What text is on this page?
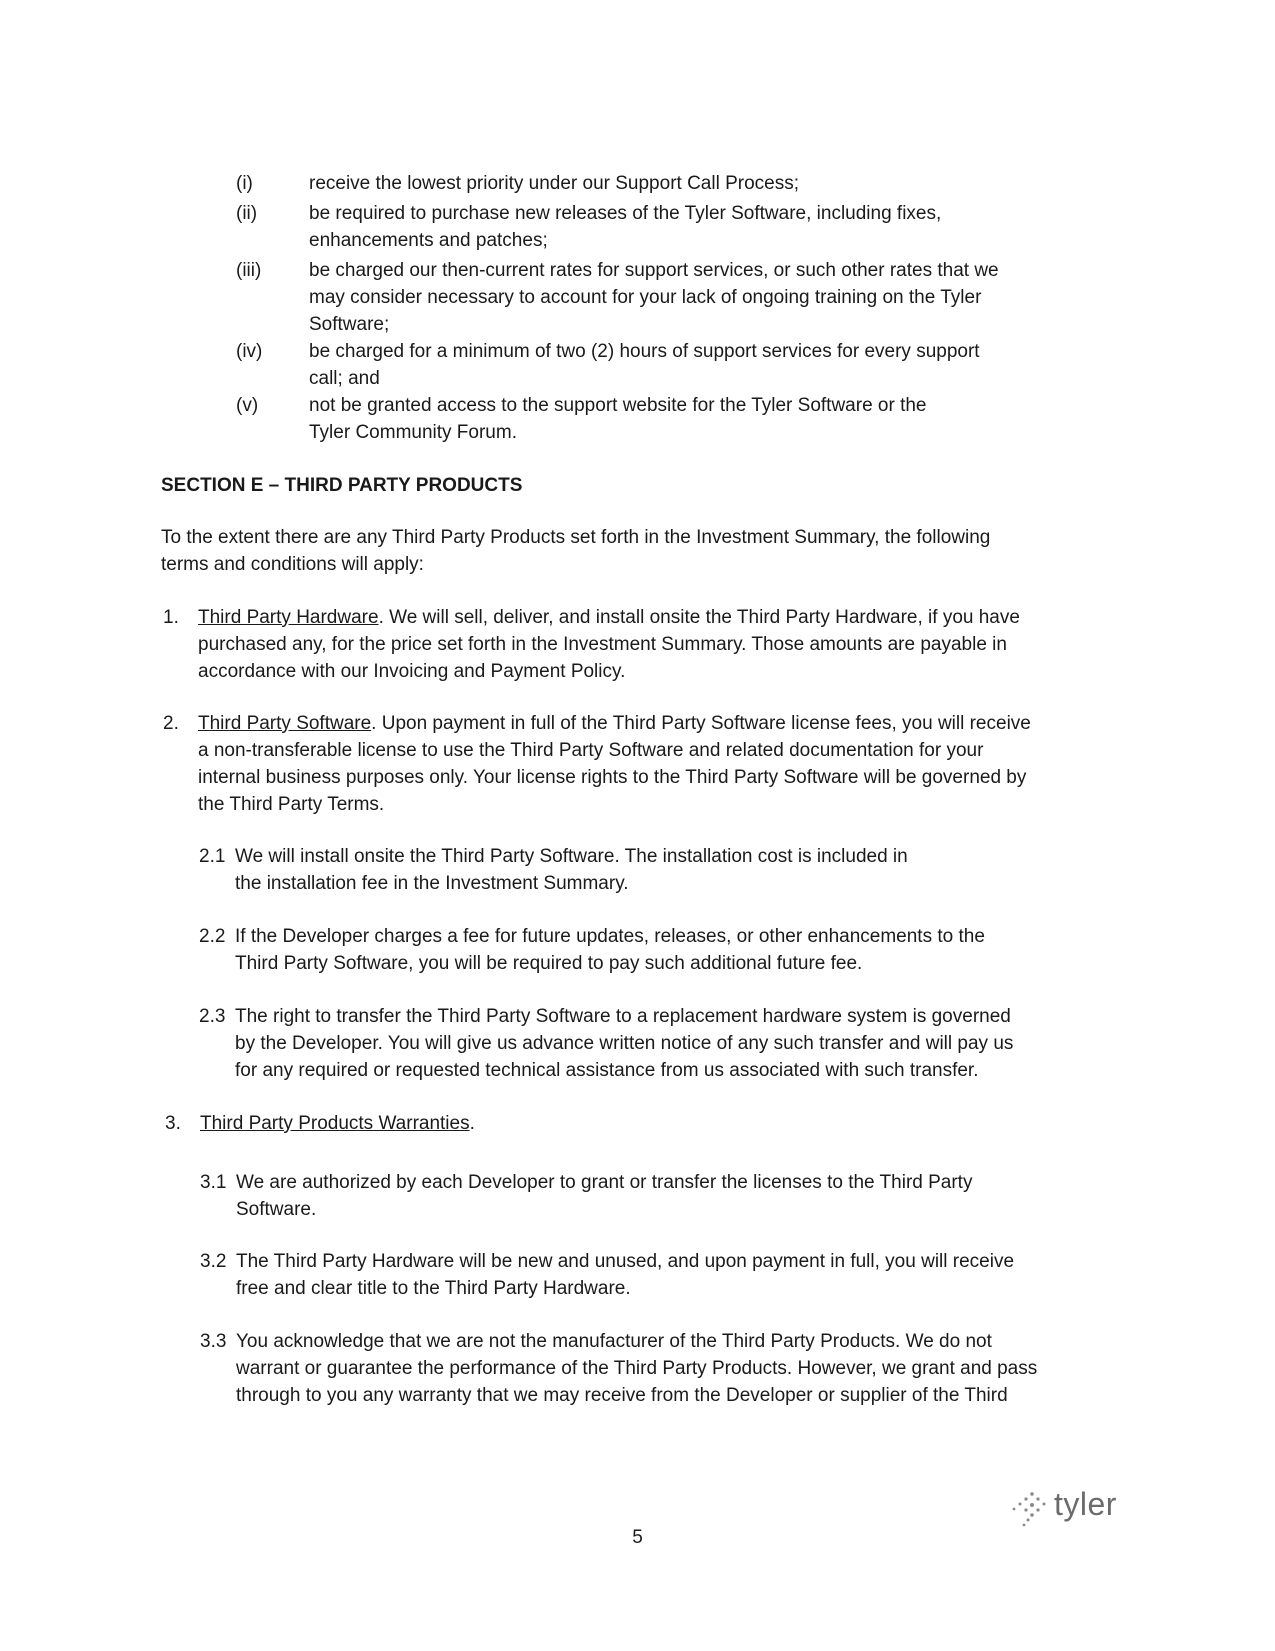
(i)	receive the lowest priority under our Support Call Process;
(ii)	be required to purchase new releases of the Tyler Software, including fixes,
enhancements and patches;
(iii)	be charged our then-current rates for support services, or such other rates that we
may consider necessary to account for your lack of ongoing training on the Tyler
Software;
(iv) be charged for a minimum of two (2) hours of support services for every support
call; and
(v)	not be granted access to the support website for the Tyler Software or the
Tyler Community Forum.
SECTION E – THIRD PARTY PRODUCTS
To the extent there are any Third Party Products set forth in the Investment Summary, the following
terms and conditions will apply:
1. Third Party Hardware. We will sell, deliver, and install onsite the Third Party Hardware, if you have
purchased any, for the price set forth in the Investment Summary. Those amounts are payable in
accordance with our Invoicing and Payment Policy.
2. Third Party Software. Upon payment in full of the Third Party Software license fees, you will receive
a non-transferable license to use the Third Party Software and related documentation for your
internal business purposes only. Your license rights to the Third Party Software will be governed by
the Third Party Terms.
2.1 We will install onsite the Third Party Software. The installation cost is included in
the installation fee in the Investment Summary.
2.2 If the Developer charges a fee for future updates, releases, or other enhancements to the
Third Party Software, you will be required to pay such additional future fee.
2.3 The right to transfer the Third Party Software to a replacement hardware system is governed
by the Developer. You will give us advance written notice of any such transfer and will pay us
for any required or requested technical assistance from us associated with such transfer.
3. Third Party Products Warranties.
3.1 We are authorized by each Developer to grant or transfer the licenses to the Third Party
Software.
3.2 The Third Party Hardware will be new and unused, and upon payment in full, you will receive
free and clear title to the Third Party Hardware.
3.3 You acknowledge that we are not the manufacturer of the Third Party Products. We do not
warrant or guarantee the performance of the Third Party Products. However, we grant and pass
through to you any warranty that we may receive from the Developer or supplier of the Third
tyler
5
